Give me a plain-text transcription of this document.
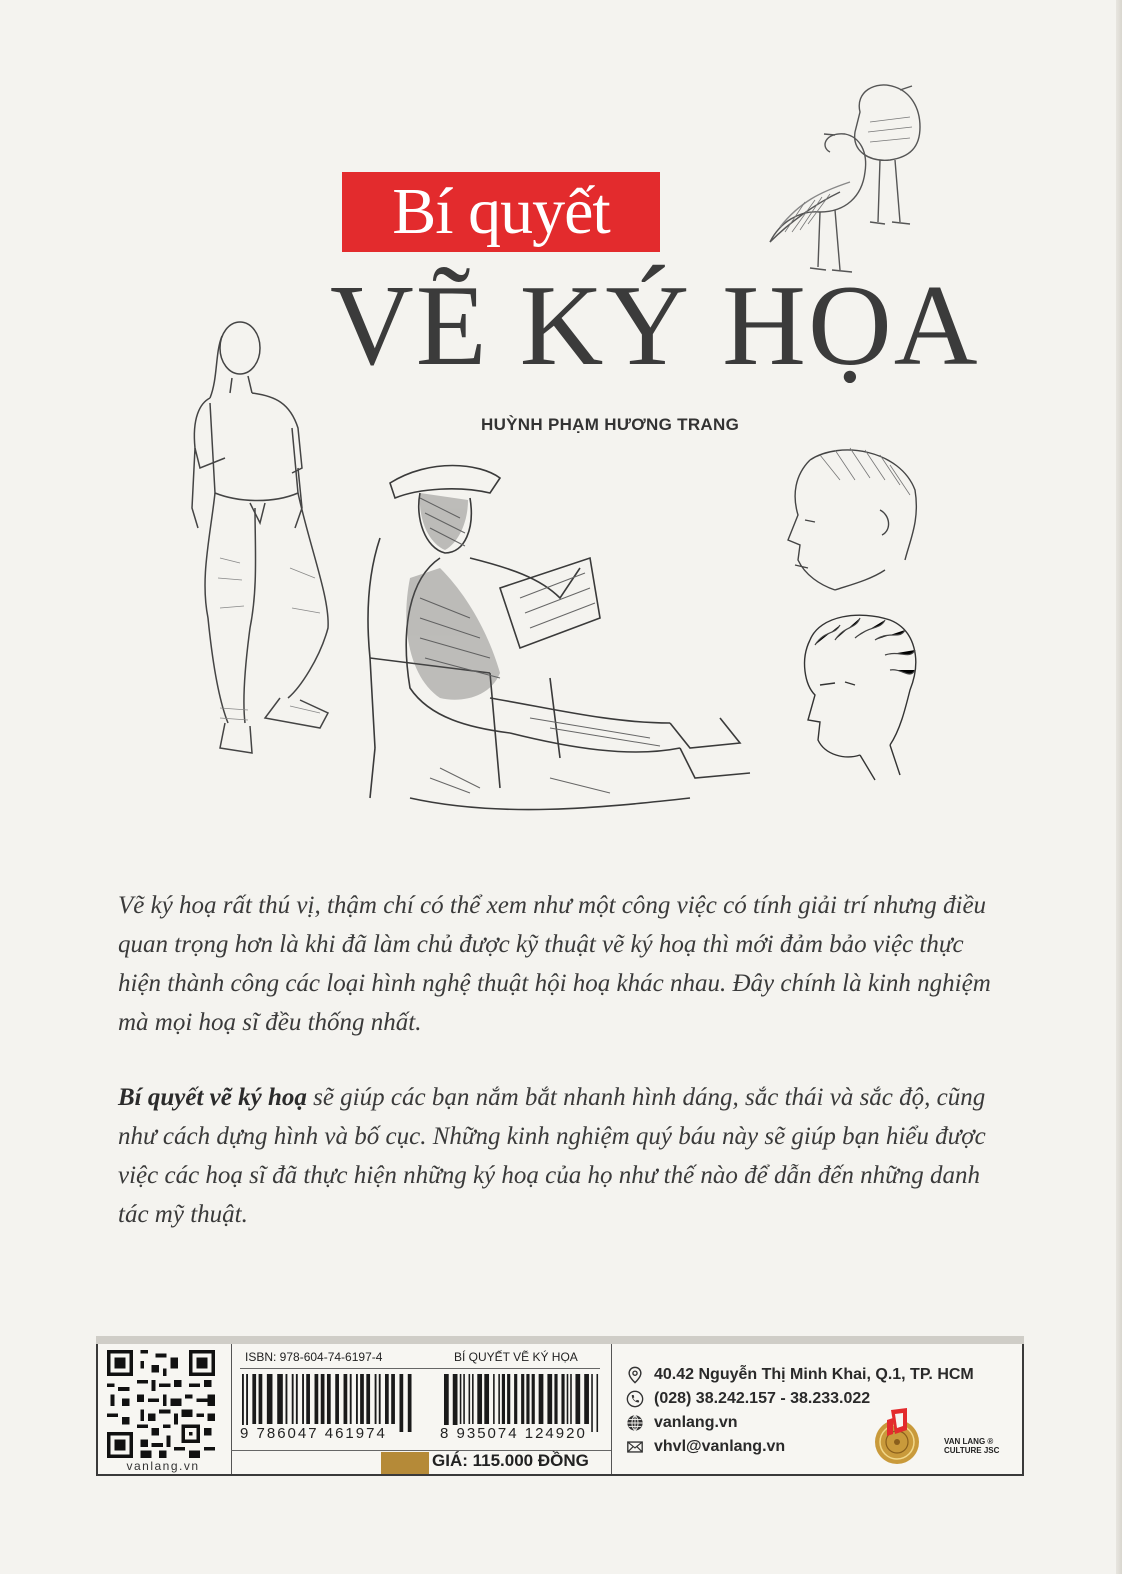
Bí quyết
VẼ KÝ HỌA
HUỲNH PHẠM HƯƠNG TRANG

Vẽ ký hoạ rất thú vị, thậm chí có thể xem như một công việc có tính giải trí nhưng điều quan trọng hơn là khi đã làm chủ được kỹ thuật vẽ ký hoạ thì mới đảm bảo việc thực hiện thành công các loại hình nghệ thuật hội hoạ khác nhau. Đây chính là kinh nghiệm mà mọi hoạ sĩ đều thống nhất.

Bí quyết vẽ ký hoạ sẽ giúp các bạn nắm bắt nhanh hình dáng, sắc thái và sắc độ, cũng như cách dựng hình và bố cục. Những kinh nghiệm quý báu này sẽ giúp bạn hiểu được việc các hoạ sĩ đã thực hiện những ký hoạ của họ như thế nào để dẫn đến những danh tác mỹ thuật.

vanlang.vn
ISBN: 978-604-74-6197-4	BÍ QUYẾT VẼ KÝ HỌA
9 786047 461974	8 935074 124920
GIÁ: 115.000 ĐỒNG
40.42 Nguyễn Thị Minh Khai, Q.1, TP. HCM
(028) 38.242.157 - 38.233.022
vanlang.vn
vhvl@vanlang.vn	VAN LANG ®
CULTURE JSC
